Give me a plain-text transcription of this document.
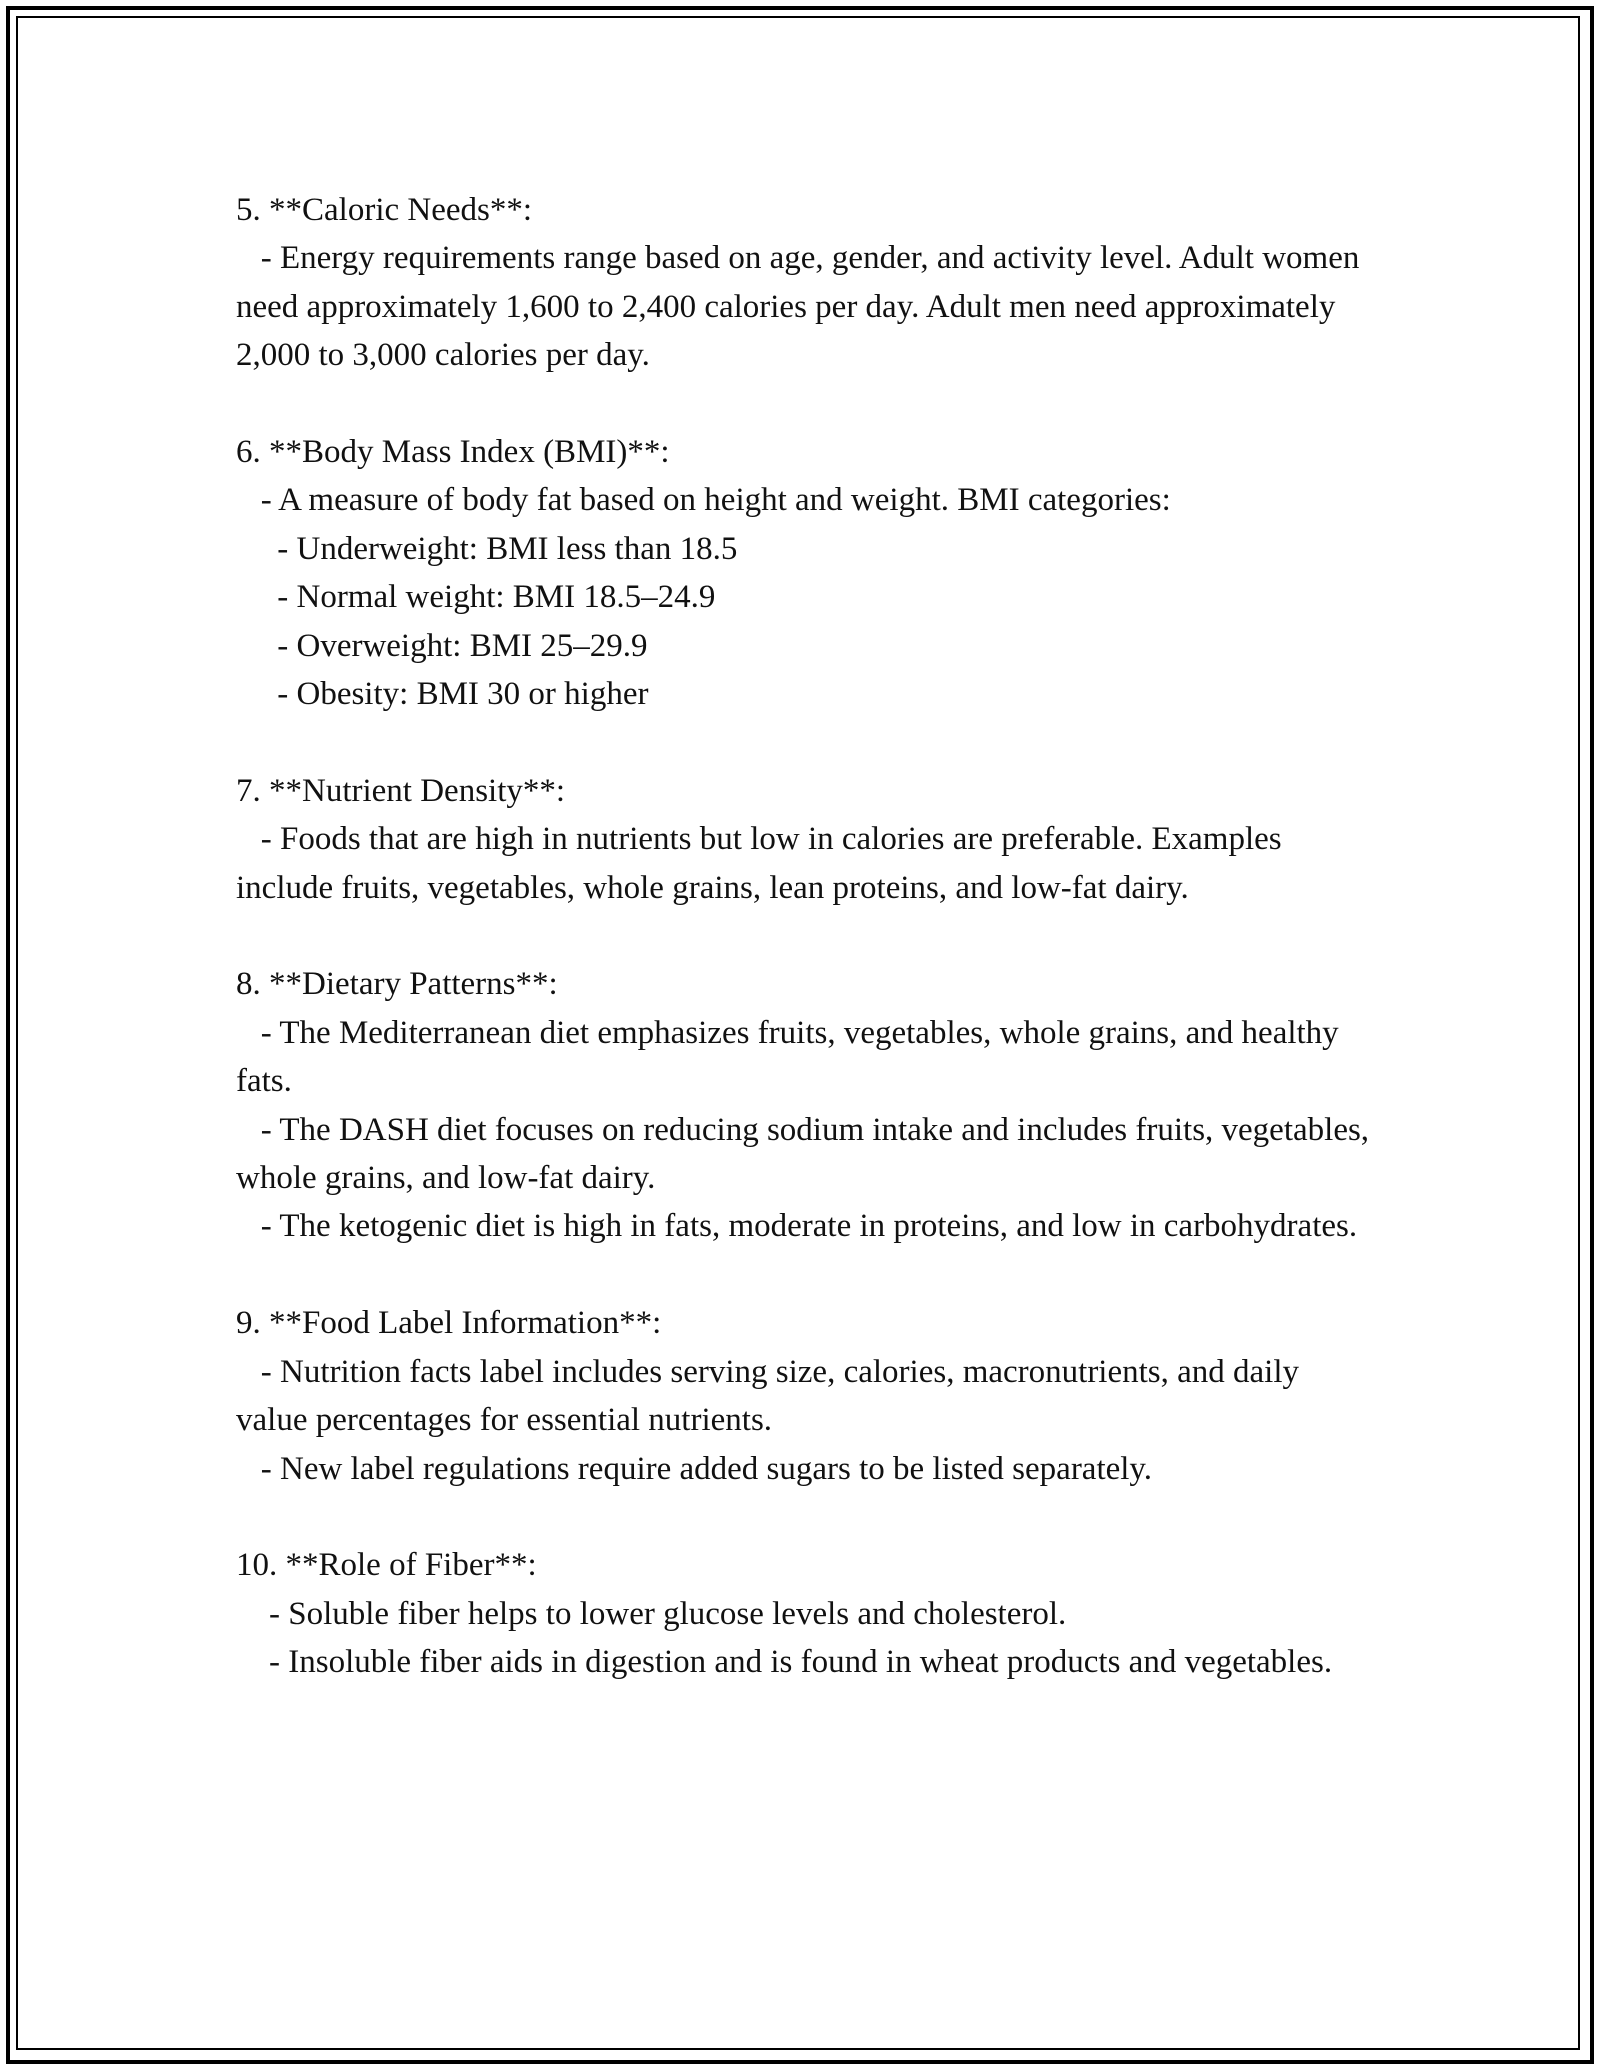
5. **Caloric Needs**:

- Energy requirements range based on age, gender, and activity level. Adult women need approximately 1,600 to 2,400 calories per day. Adult men need approximately 2,000 to 3,000 calories per day.

6. **Body Mass Index (BMI)**:

- A measure of body fat based on height and weight. BMI categories:

- Underweight: BMI less than 18.5

- Normal weight: BMI 18.5–24.9

- Overweight: BMI 25–29.9

- Obesity: BMI 30 or higher

7. **Nutrient Density**:

- Foods that are high in nutrients but low in calories are preferable. Examples include fruits, vegetables, whole grains, lean proteins, and low-fat dairy.

8. **Dietary Patterns**:

- The Mediterranean diet emphasizes fruits, vegetables, whole grains, and healthy fats.

- The DASH diet focuses on reducing sodium intake and includes fruits, vegetables, whole grains, and low-fat dairy.

- The ketogenic diet is high in fats, moderate in proteins, and low in carbohydrates.

9. **Food Label Information**:

- Nutrition facts label includes serving size, calories, macronutrients, and daily value percentages for essential nutrients.

- New label regulations require added sugars to be listed separately.

10. **Role of Fiber**:

- Soluble fiber helps to lower glucose levels and cholesterol.

- Insoluble fiber aids in digestion and is found in wheat products and vegetables.
